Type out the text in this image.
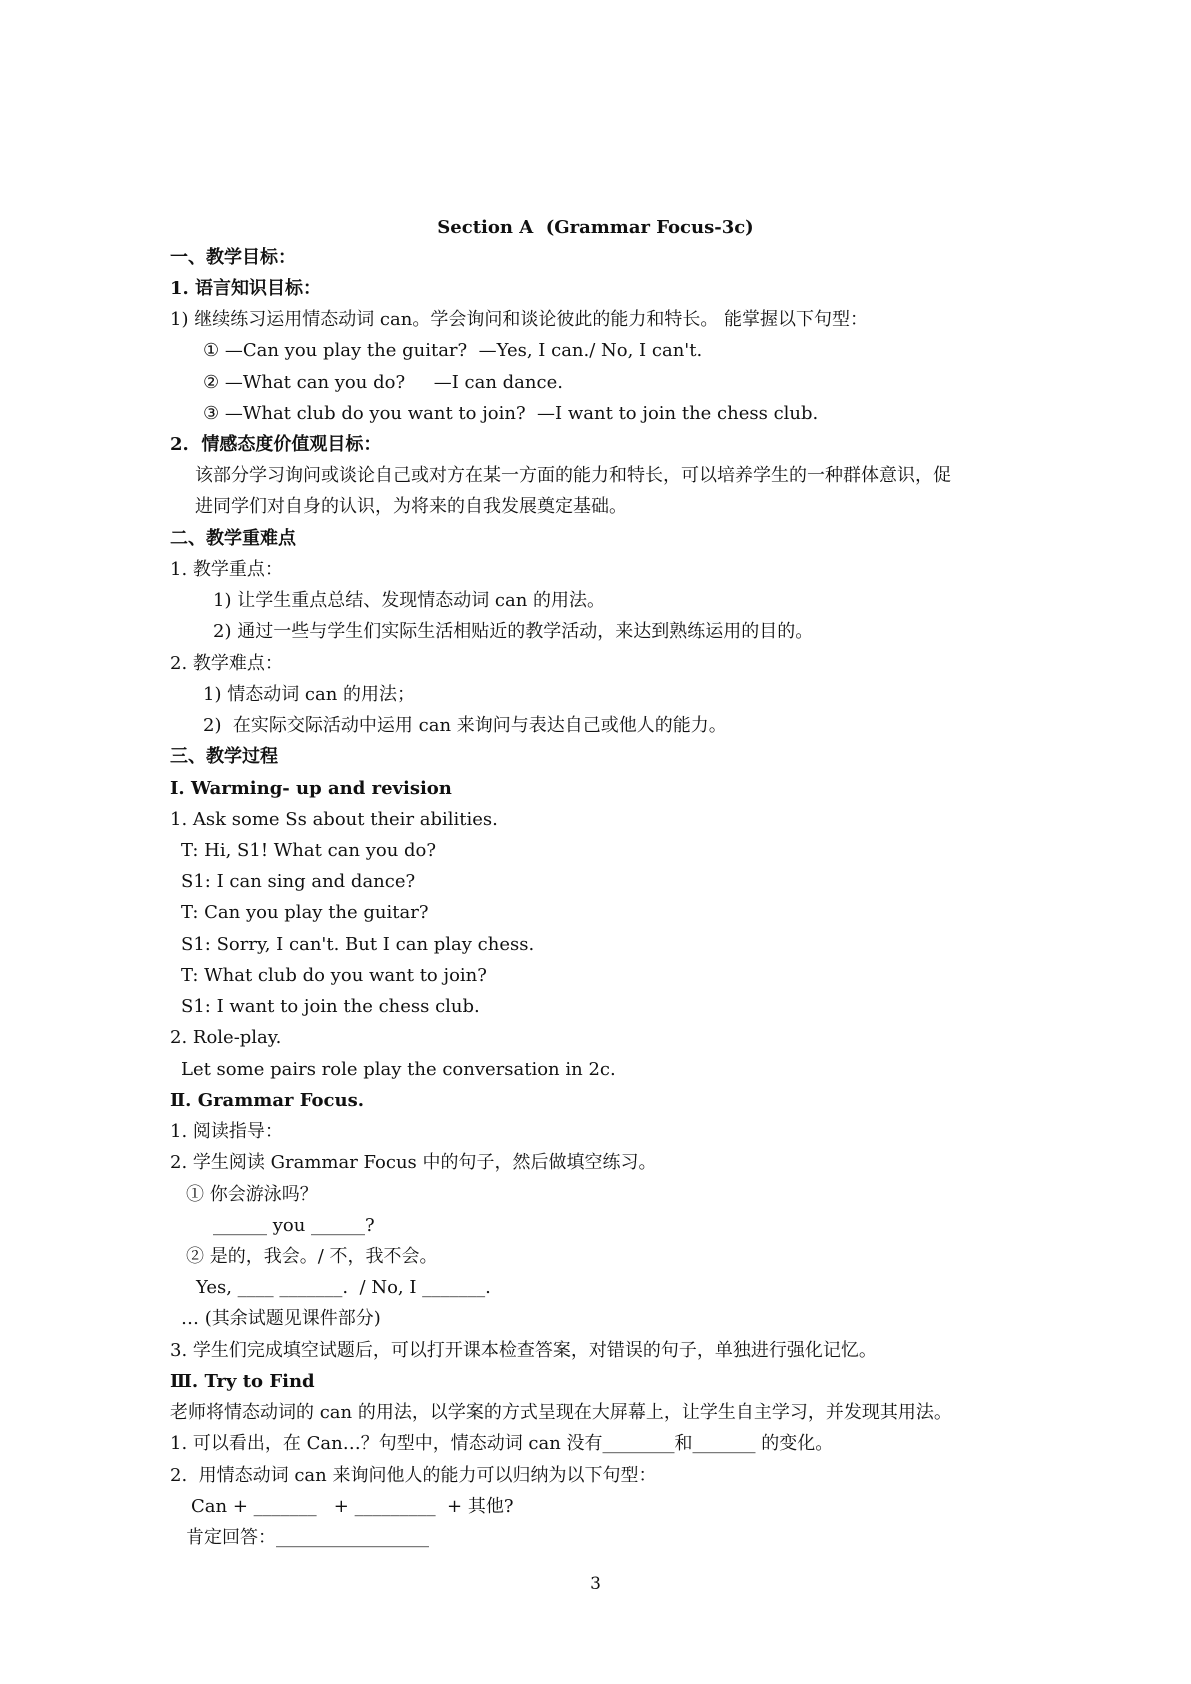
Section A  (Grammar Focus-3c)
一、教学目标：
1. 语言知识目标：
1) 继续练习运用情态动词 can。学会询问和谈论彼此的能力和特长。 能掌握以下句型：
① —Can you play the guitar?  —Yes, I can./ No, I can't.
② —What can you do?     —I can dance.
③ —What club do you want to join?  —I want to join the chess club.
2.  情感态度价值观目标：
该部分学习询问或谈论自己或对方在某一方面的能力和特长，可以培养学生的一种群体意识，促
进同学们对自身的认识，为将来的自我发展奠定基础。
二、教学重难点
1. 教学重点：
1) 让学生重点总结、发现情态动词 can 的用法。
2) 通过一些与学生们实际生活相贴近的教学活动，来达到熟练运用的目的。
2. 教学难点：
1) 情态动词 can 的用法；
2)  在实际交际活动中运用 can 来询问与表达自己或他人的能力。
三、教学过程
Ⅰ. Warming- up and revision
1. Ask some Ss about their abilities.
T: Hi, S1! What can you do?
S1: I can sing and dance?
T: Can you play the guitar?
S1: Sorry, I can't. But I can play chess.
T: What club do you want to join?
S1: I want to join the chess club.
2. Role-play.
Let some pairs role play the conversation in 2c.
Ⅱ. Grammar Focus.
1. 阅读指导：
2. 学生阅读 Grammar Focus 中的句子，然后做填空练习。
① 你会游泳吗？
______ you ______?
② 是的，我会。/ 不，我不会。
Yes, ____ _______.  / No, I _______.
… (其余试题见课件部分)
3. 学生们完成填空试题后，可以打开课本检查答案，对错误的句子，单独进行强化记忆。
Ⅲ. Try to Find
老师将情态动词的 can 的用法，以学案的方式呈现在大屏幕上，让学生自主学习，并发现其用法。
1. 可以看出，在 Can…？句型中，情态动词 can 没有________和_______ 的变化。
2.  用情态动词 can 来询问他人的能力可以归纳为以下句型：
Can + _______   + _________  + 其他?
肯定回答：_________________
3
